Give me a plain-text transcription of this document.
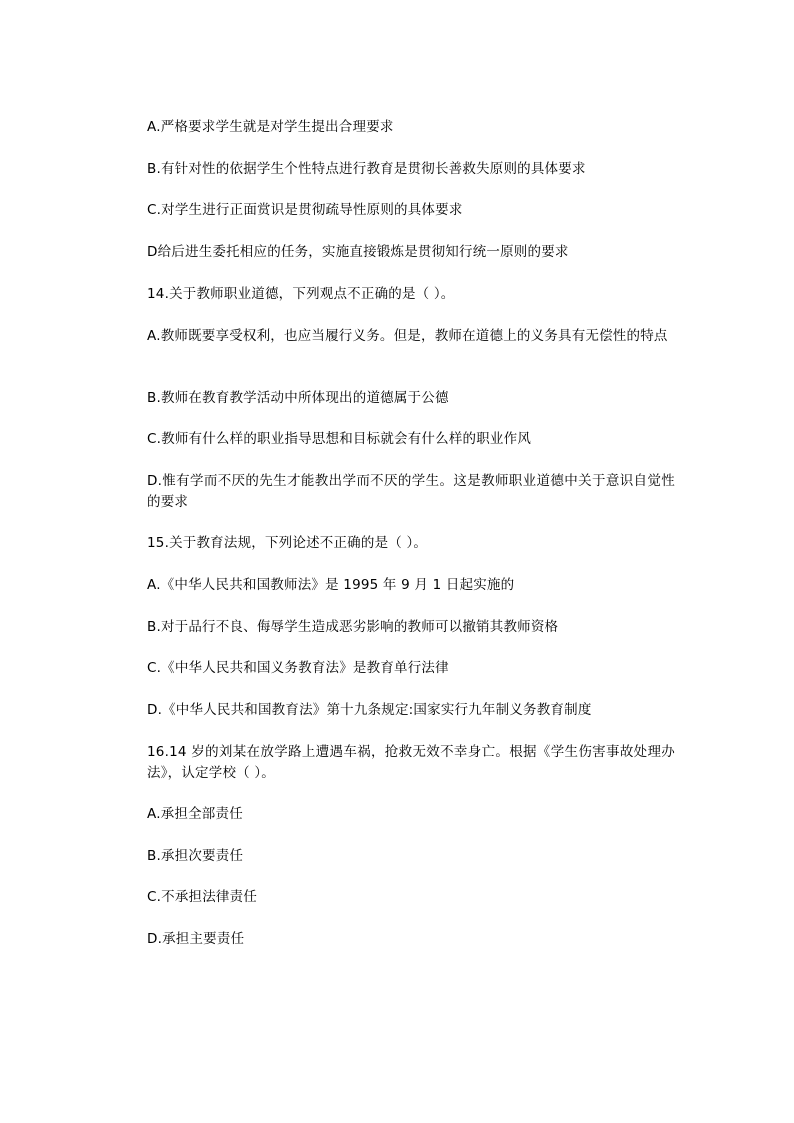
A.严格要求学生就是对学生提出合理要求
B.有针对性的依据学生个性特点进行教育是贯彻长善救失原则的具体要求
C.对学生进行正面赏识是贯彻疏导性原则的具体要求
D给后进生委托相应的任务，实施直接锻炼是贯彻知行统一原则的要求
14.关于教师职业道德，下列观点不正确的是（ ）。
A.教师既要享受权利，也应当履行义务。但是，教师在道德上的义务具有无偿性的特点
B.教师在教育教学活动中所体现出的道德属于公德
C.教师有什么样的职业指导思想和目标就会有什么样的职业作风
D.惟有学而不厌的先生才能教出学而不厌的学生。这是教师职业道德中关于意识自觉性的要求
15.关于教育法规，下列论述不正确的是（ ）。
A.《中华人民共和国教师法》是 1995 年 9 月 1 日起实施的
B.对于品行不良、侮辱学生造成恶劣影响的教师可以撤销其教师资格
C.《中华人民共和国义务教育法》是教育单行法律
D.《中华人民共和国教育法》第十九条规定:国家实行九年制义务教育制度
16.14 岁的刘某在放学路上遭遇车祸，抢救无效不幸身亡。根据《学生伤害事故处理办法》，认定学校（ ）。
A.承担全部责任
B.承担次要责任
C.不承担法律责任
D.承担主要责任
